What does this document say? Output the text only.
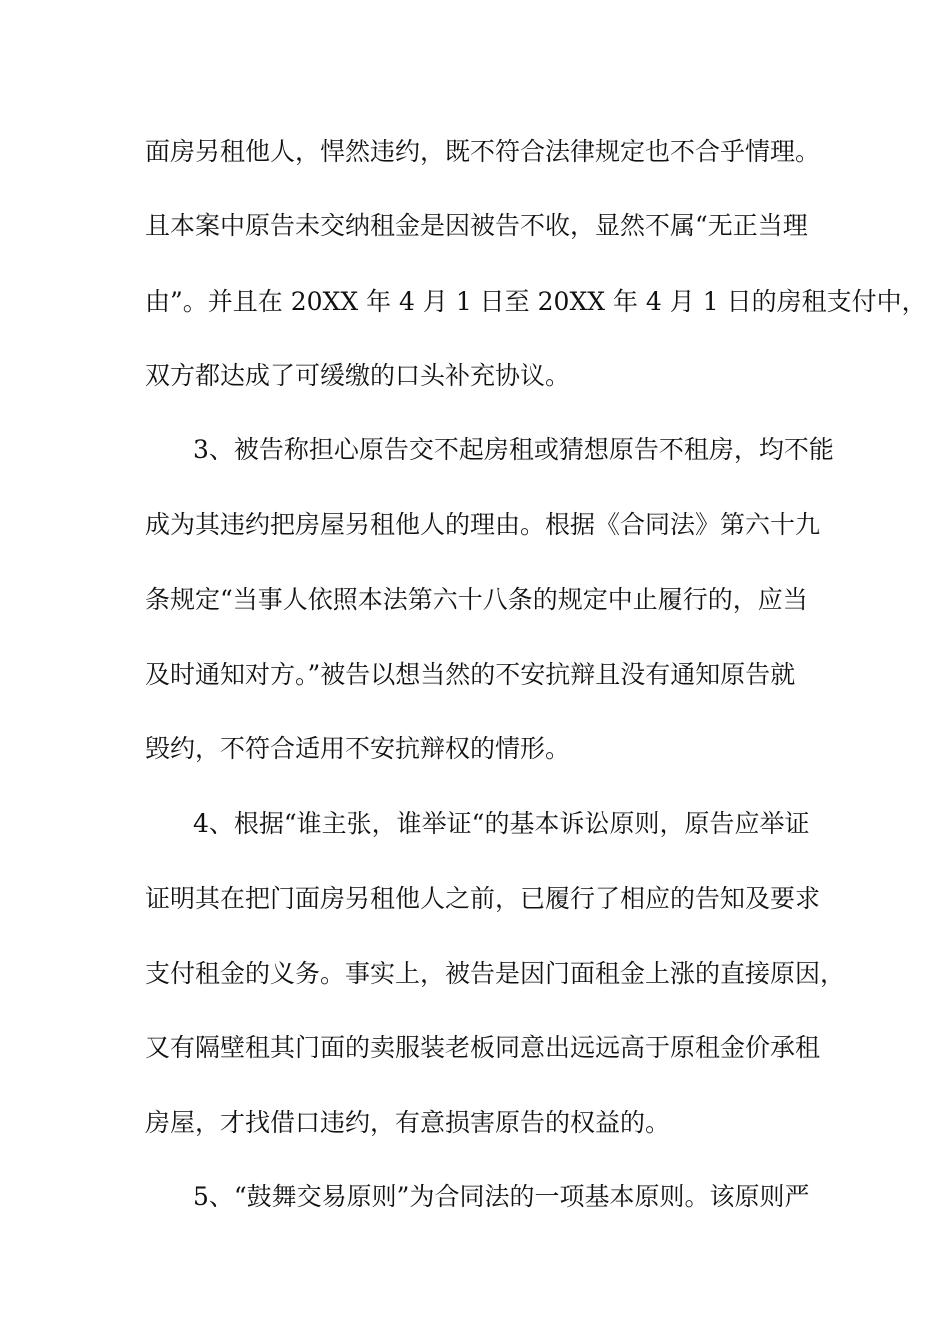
面房另租他人，悍然违约，既不符合法律规定也不合乎情理。
且本案中原告未交纳租金是因被告不收，显然不属“无正当理
由”。并且在 20XX 年 4 月 1 日至 20XX 年 4 月 1 日的房租支付中，
双方都达成了可缓缴的口头补充协议。
3、被告称担心原告交不起房租或猜想原告不租房，均不能
成为其违约把房屋另租他人的理由。根据《合同法》第六十九
条规定“当事人依照本法第六十八条的规定中止履行的，应当
及时通知对方。”被告以想当然的不安抗辩且没有通知原告就
毁约，不符合适用不安抗辩权的情形。
4、根据“谁主张，谁举证“的基本诉讼原则，原告应举证
证明其在把门面房另租他人之前，已履行了相应的告知及要求
支付租金的义务。事实上，被告是因门面租金上涨的直接原因，
又有隔壁租其门面的卖服装老板同意出远远高于原租金价承租
房屋，才找借口违约，有意损害原告的权益的。
5、“鼓舞交易原则”为合同法的一项基本原则。该原则严
